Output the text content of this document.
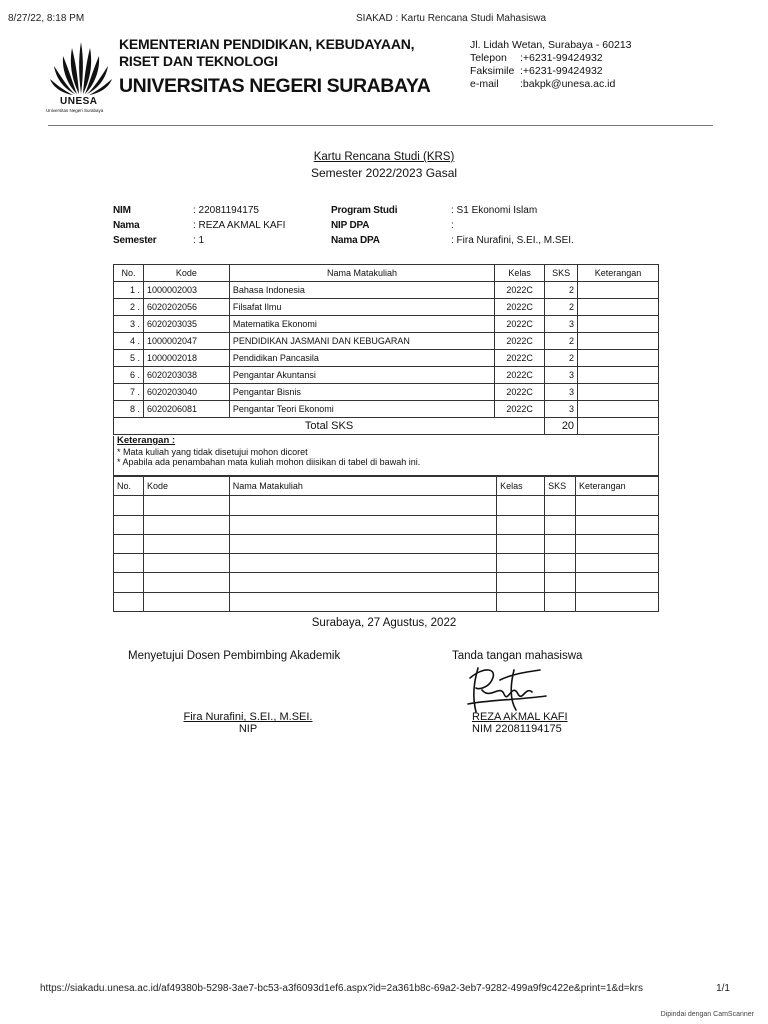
8/27/22, 8:18 PM	SIAKAD : Kartu Rencana Studi Mahasiswa
UNESA
Universitas Negeri Surabaya
KEMENTERIAN PENDIDIKAN, KEBUDAYAAN,
RISET DAN TEKNOLOGI
UNIVERSITAS NEGERI SURABAYA
Jl. Lidah Wetan, Surabaya - 60213
Telepon	:+6231-99424932
Faksimile :+6231-99424932
e-mail	:bakpk@unesa.ac.id
Kartu Rencana Studi (KRS)
Semester 2022/2023 Gasal
NIM	: 22081194175	Program Studi	: S1 Ekonomi Islam
Nama	: REZA AKMAL KAFI	NIP DPA	:
Semester	: 1	Nama DPA	: Fira Nurafini, S.EI., M.SEI.
No.	Kode	Nama Matakuliah	Kelas	SKS	Keterangan
1 .	1000002003	Bahasa Indonesia	2022C	2	
2 .	6020202056	Filsafat Ilmu	2022C	2	
3 .	6020203035	Matematika Ekonomi	2022C	3	
4 .	1000002047	PENDIDIKAN JASMANI DAN KEBUGARAN	2022C	2	
5 .	1000002018	Pendidikan Pancasila	2022C	2	
6 .	6020203038	Pengantar Akuntansi	2022C	3	
7 .	6020203040	Pengantar Bisnis	2022C	3	
8 .	6020206081	Pengantar Teori Ekonomi	2022C	3	
Total SKS				20	
Keterangan :
* Mata kuliah yang tidak disetujui mohon dicoret
* Apabila ada penambahan mata kuliah mohon diisikan di tabel di bawah ini.
No.	Kode	Nama Matakuliah	Kelas	SKS	Keterangan

Surabaya, 27 Agustus, 2022
Menyetujui Dosen Pembimbing Akademik	Tanda tangan mahasiswa
Fira Nurafini, S.EI., M.SEI.
NIP
REZA AKMAL KAFI
NIM 22081194175
https://siakadu.unesa.ac.id/af49380b-5298-3ae7-bc53-a3f6093d1ef6.aspx?id=2a361b8c-69a2-3eb7-9282-499a9f9c422e&print=1&d=krs	1/1
Dipindai dengan CamScanner
